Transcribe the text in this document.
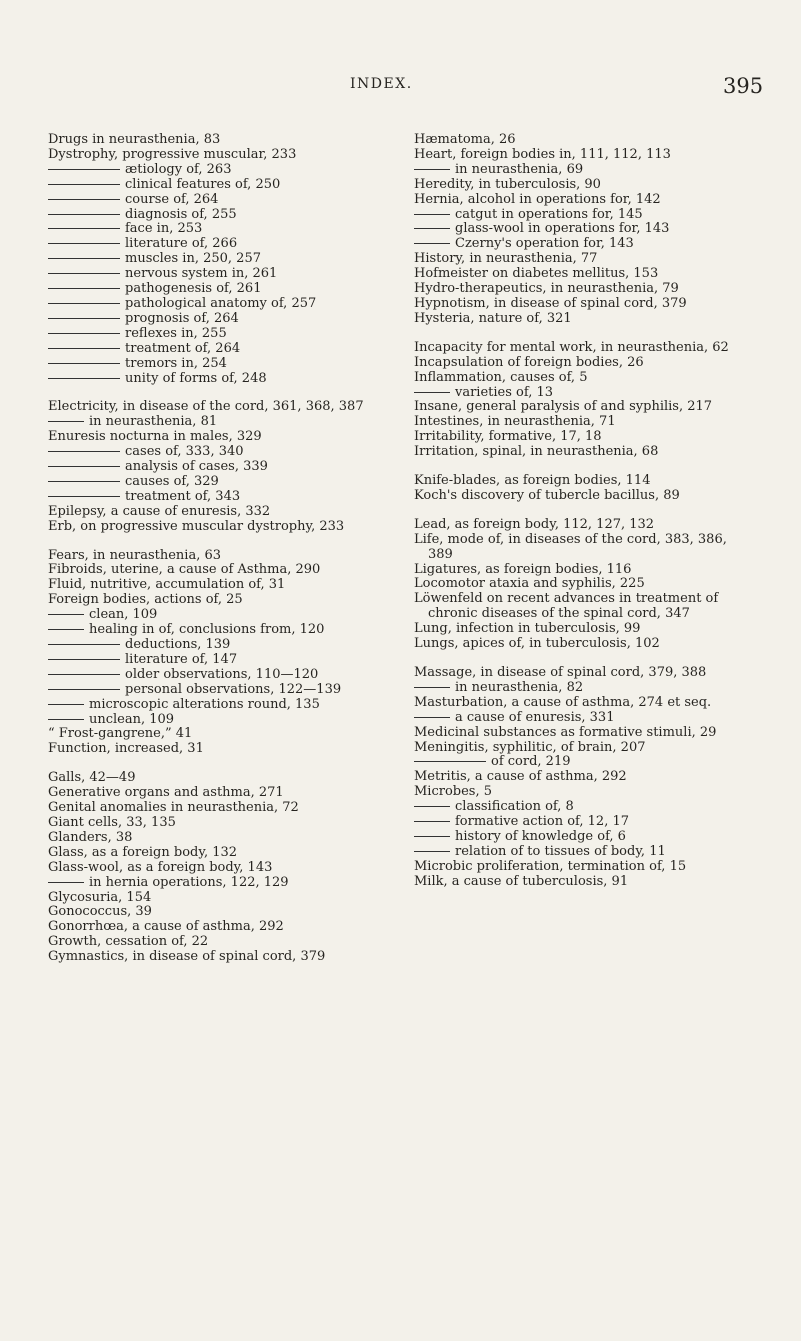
INDEX.	395
Drugs in neurasthenia, 83
Dystrophy, progressive muscular, 233
ætiology of, 263
clinical features of, 250
course of, 264
diagnosis of, 255
face in, 253
literature of, 266
muscles in, 250, 257
nervous system in, 261
pathogenesis of, 261
pathological anatomy of, 257
prognosis of, 264
reflexes in, 255
treatment of, 264
tremors in, 254
unity of forms of, 248
Electricity, in disease of the cord, 361, 368, 387
in neurasthenia, 81
Enuresis nocturna in males, 329
cases of, 333, 340
analysis of cases, 339
causes of, 329
treatment of, 343
Epilepsy, a cause of enuresis, 332
Erb, on progressive muscular dystrophy, 233
Fears, in neurasthenia, 63
Fibroids, uterine, a cause of Asthma, 290
Fluid, nutritive, accumulation of, 31
Foreign bodies, actions of, 25
clean, 109
healing in of, conclusions from, 120
deductions, 139
literature of, 147
older observations, 110—120
personal observations, 122—139
microscopic alterations round, 135
unclean, 109
“ Frost-gangrene,” 41
Function, increased, 31
Galls, 42—49
Generative organs and asthma, 271
Genital anomalies in neurasthenia, 72
Giant cells, 33, 135
Glanders, 38
Glass, as a foreign body, 132
Glass-wool, as a foreign body, 143
in hernia operations, 122, 129
Glycosuria, 154
Gonococcus, 39
Gonorrhœa, a cause of asthma, 292
Growth, cessation of, 22
Gymnastics, in disease of spinal cord, 379
Hæmatoma, 26
Heart, foreign bodies in, 111, 112, 113
in neurasthenia, 69
Heredity, in tuberculosis, 90
Hernia, alcohol in operations for, 142
catgut in operations for, 145
glass-wool in operations for, 143
Czerny's operation for, 143
History, in neurasthenia, 77
Hofmeister on diabetes mellitus, 153
Hydro-therapeutics, in neurasthenia, 79
Hypnotism, in disease of spinal cord, 379
Hysteria, nature of, 321
Incapacity for mental work, in neurasthenia, 62
Incapsulation of foreign bodies, 26
Inflammation, causes of, 5
varieties of, 13
Insane, general paralysis of and syphilis, 217
Intestines, in neurasthenia, 71
Irritability, formative, 17, 18
Irritation, spinal, in neurasthenia, 68
Knife-blades, as foreign bodies, 114
Koch's discovery of tubercle bacillus, 89
Lead, as foreign body, 112, 127, 132
Life, mode of, in diseases of the cord, 383, 386, 389
Ligatures, as foreign bodies, 116
Locomotor ataxia and syphilis, 225
Löwenfeld on recent advances in treatment of chronic diseases of the spinal cord, 347
Lung, infection in tuberculosis, 99
Lungs, apices of, in tuberculosis, 102
Massage, in disease of spinal cord, 379, 388
in neurasthenia, 82
Masturbation, a cause of asthma, 274 et seq.
a cause of enuresis, 331
Medicinal substances as formative stimuli, 29
Meningitis, syphilitic, of brain, 207
of cord, 219
Metritis, a cause of asthma, 292
Microbes, 5
classification of, 8
formative action of, 12, 17
history of knowledge of, 6
relation of to tissues of body, 11
Microbic proliferation, termination of, 15
Milk, a cause of tuberculosis, 91
